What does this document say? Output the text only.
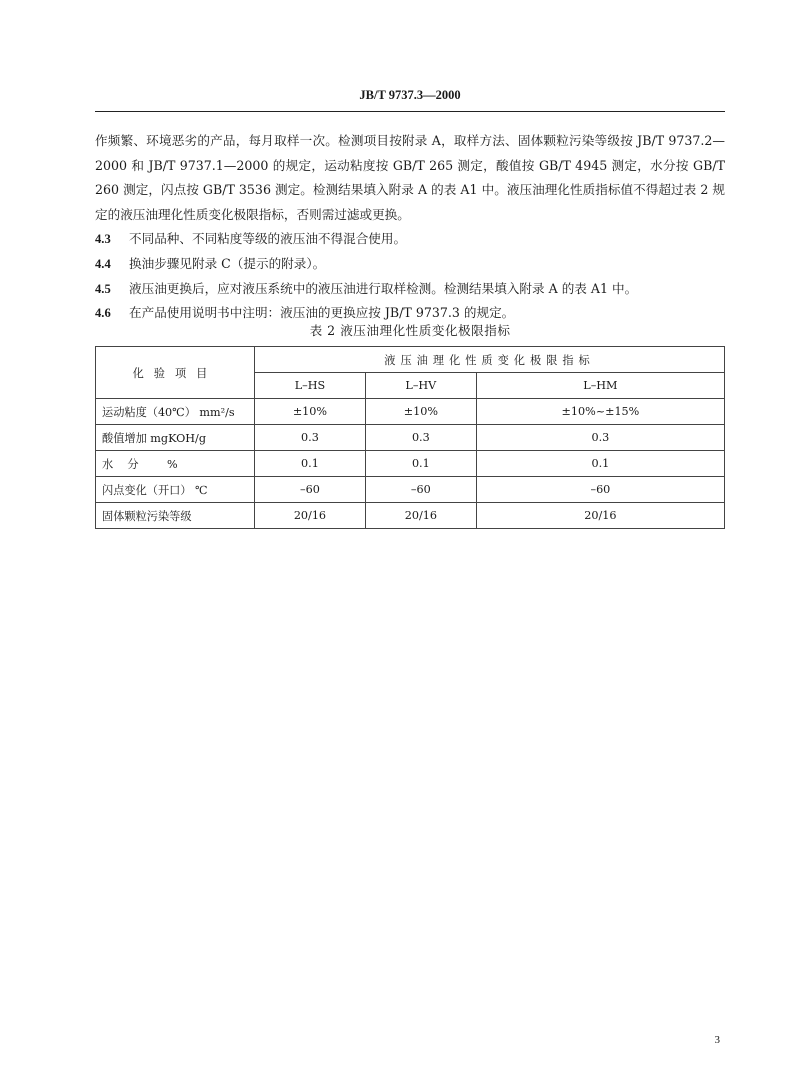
JB/T 9737.3—2000

作频繁、环境恶劣的产品，每月取样一次。检测项目按附录 A，取样方法、固体颗粒污染等级按 JB/T 9737.2—2000 和 JB/T 9737.1—2000 的规定，运动粘度按 GB/T 265 测定，酸值按 GB/T 4945 测定，水分按 GB/T 260 测定，闪点按 GB/T 3536 测定。检测结果填入附录 A 的表 A1 中。液压油理化性质指标值不得超过表 2 规定的液压油理化性质变化极限指标，否则需过滤或更换。

4.3 不同品种、不同粘度等级的液压油不得混合使用。

4.4 换油步骤见附录 C（提示的附录）。

4.5 液压油更换后，应对液压系统中的液压油进行取样检测。检测结果填入附录 A 的表 A1 中。

4.6 在产品使用说明书中注明：液压油的更换应按 JB/T 9737.3 的规定。

表 2 液压油理化性质变化极限指标
化验项目	液压油理化性质变化极限指标		
	L–HS	L–HV	L–HM
运动粘度（40℃） mm²/s	±10%	±10%	±10%~±15%
酸值增加 mgKOH/g	0.3	0.3	0.3
水    分        %	0.1	0.1	0.1
闪点变化（开口） ℃	–60	–60	–60
固体颗粒污染等级	20/16	20/16	20/16
3
